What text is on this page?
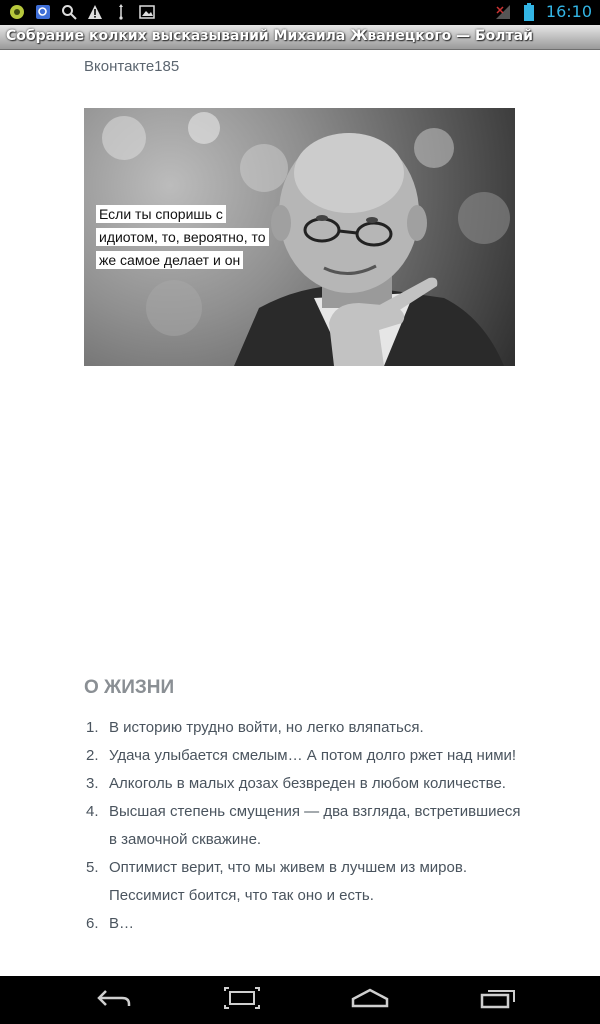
16:10
Собрание колких высказываний Михаила Жванецкого — Болтай
Вконтакте185
Если ты споришь с идиотом, то, вероятно, то же самое делает и он
О ЖИЗНИ
1. В историю трудно войти, но легко вляпаться.
2. Удача улыбается смелым… А потом долго ржет над ними!
3. Алкоголь в малых дозах безвреден в любом количестве.
4. Высшая степень смущения — два взгляда, встретившиеся в замочной скважине.
5. Оптимист верит, что мы живем в лучшем из миров. Пессимист боится, что так оно и есть.
6. В…
